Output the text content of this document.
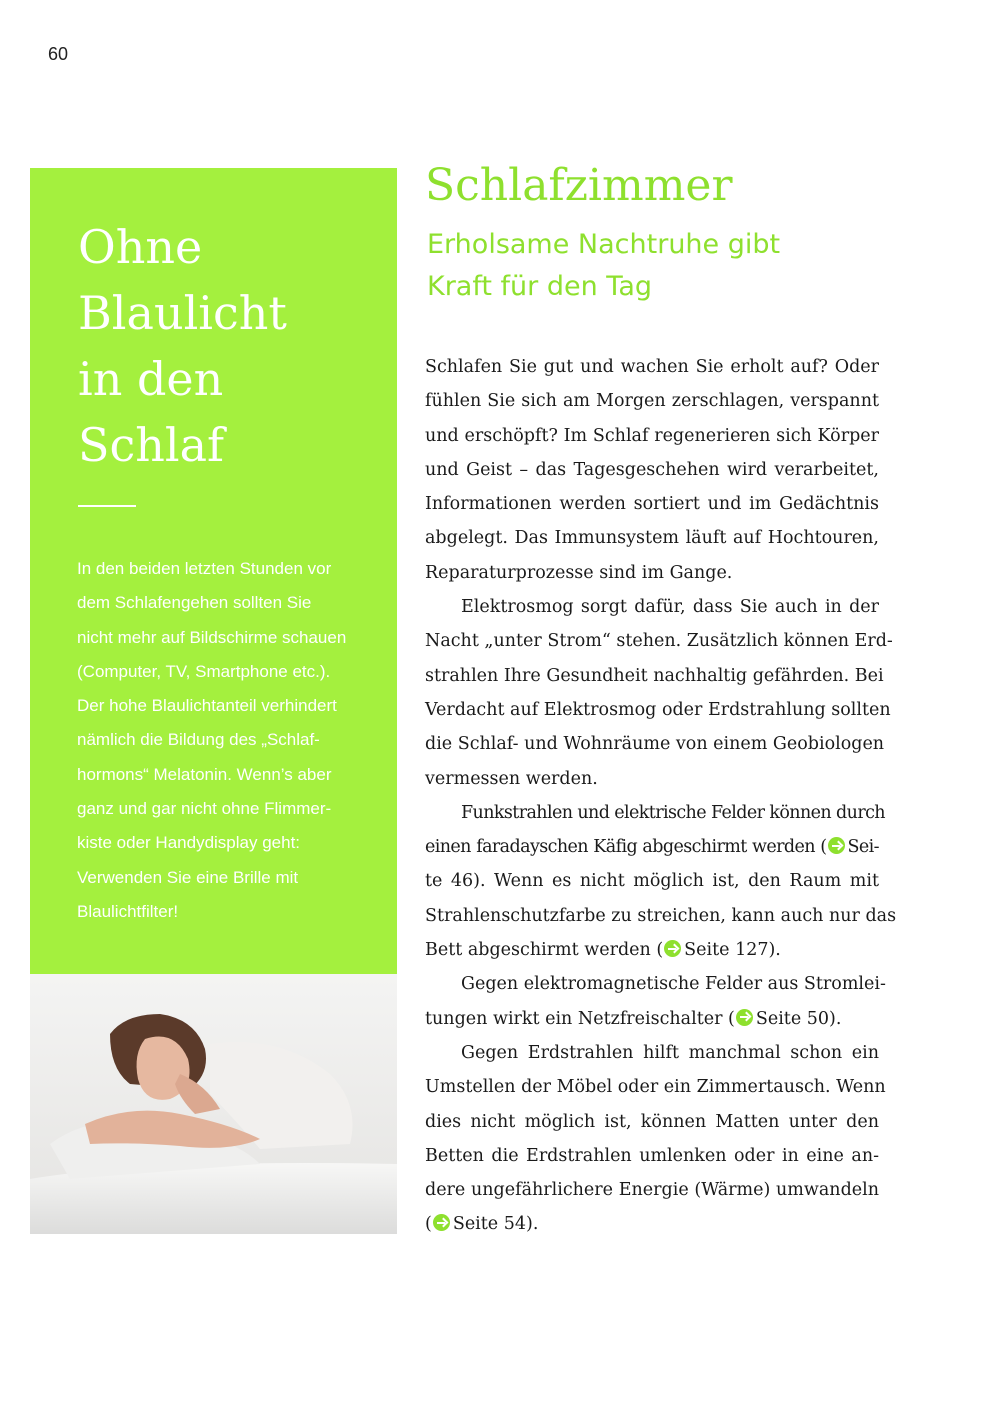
60
Ohne
Blaulicht
in den
Schlaf
In den beiden letzten Stunden vor
dem Schlafengehen sollten Sie
nicht mehr auf Bildschirme schauen
(Computer, TV, Smartphone etc.).
Der hohe Blaulichtanteil verhindert
nämlich die Bildung des „Schlaf-
hormons“ Melatonin. Wenn’s aber
ganz und gar nicht ohne Flimmer-
kiste oder Handydisplay geht:
Verwenden Sie eine Brille mit
Blaulichtfilter!
Schlafzimmer
Erholsame Nachtruhe gibt
Kraft für den Tag
Schlafen Sie gut und wachen Sie erholt auf? Oder
fühlen Sie sich am Morgen zerschlagen, verspannt
und erschöpft? Im Schlaf regenerieren sich Körper
und Geist – das Tagesgeschehen wird verarbeitet,
Informationen werden sortiert und im Gedächtnis
abgelegt. Das Immunsystem läuft auf Hochtouren,
Reparaturprozesse sind im Gange.
Elektrosmog sorgt dafür, dass Sie auch in der
Nacht „unter Strom“ stehen. Zusätzlich können Erd-
strahlen Ihre Gesundheit nachhaltig gefährden. Bei
Verdacht auf Elektrosmog oder Erdstrahlung sollten
die Schlaf- und Wohnräume von einem Geobiologen
vermessen werden.
Funkstrahlen und elektrische Felder können durch
einen faradayschen Käfig abgeschirmt werden ( Sei-
te 46). Wenn es nicht möglich ist, den Raum mit
Strahlenschutzfarbe zu streichen, kann auch nur das
Bett abgeschirmt werden ( Seite 127).
Gegen elektromagnetische Felder aus Stromlei-
tungen wirkt ein Netzfreischalter ( Seite 50).
Gegen Erdstrahlen hilft manchmal schon ein
Umstellen der Möbel oder ein Zimmertausch. Wenn
dies nicht möglich ist, können Matten unter den
Betten die Erdstrahlen umlenken oder in eine an-
dere ungefährlichere Energie (Wärme) umwandeln
( Seite 54).
